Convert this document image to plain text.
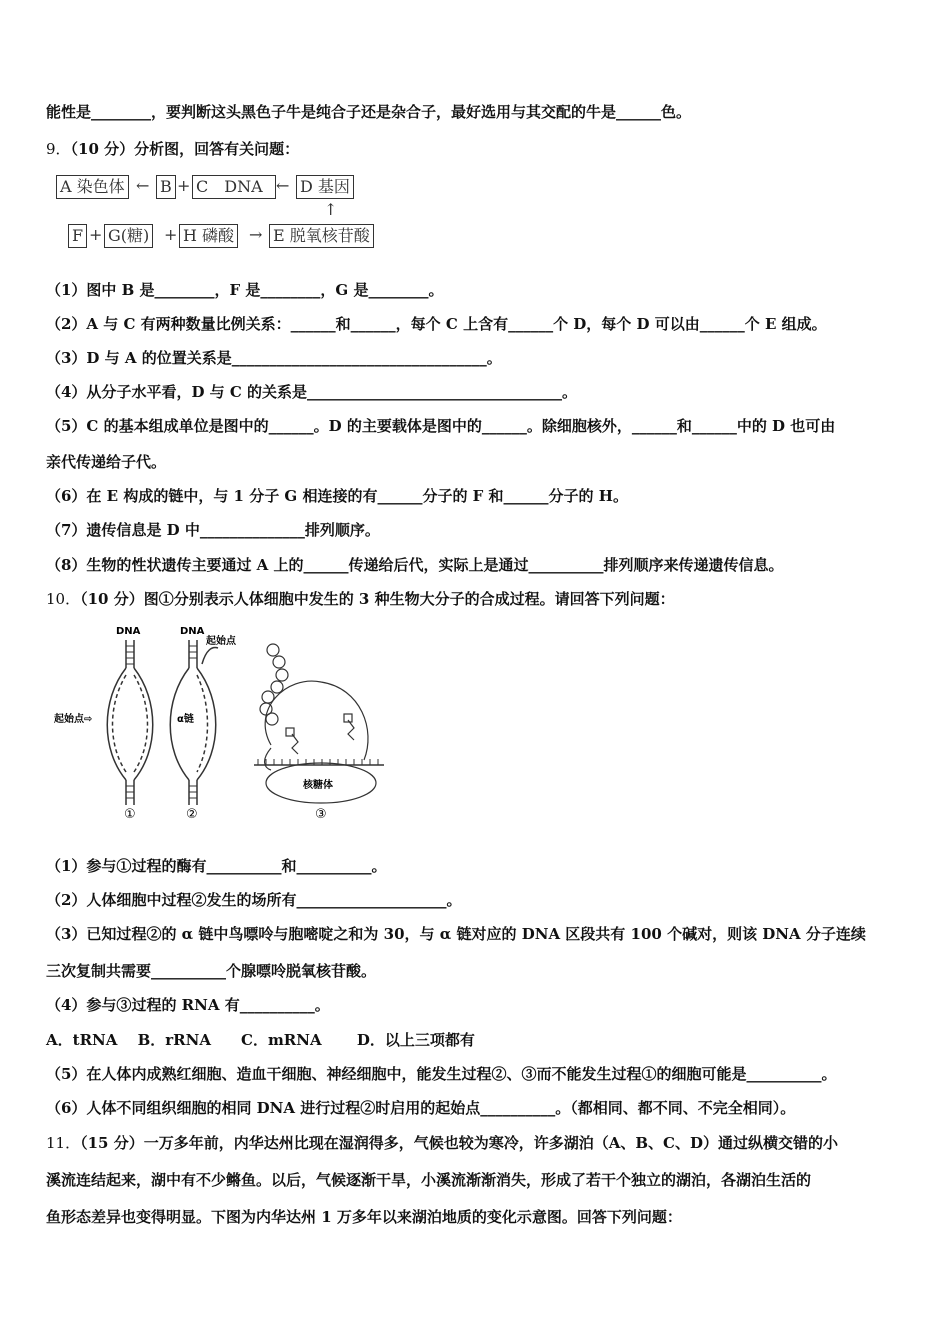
能性是________，要判断这头黑色子牛是纯合子还是杂合子，最好选用与其交配的牛是______色。
9．（10 分）分析图，回答有关问题：
A 染色体 ← B + C　DNA ← D 基因
↑
F + G(糖) + H 磷酸 → E 脱氧核苷酸
（1）图中 B 是________，F 是________，G 是________。
（2）A 与 C 有两种数量比例关系：______和______，每个 C 上含有______个 D，每个 D 可以由______个 E 组成。
（3）D 与 A 的位置关系是__________________________________。
（4）从分子水平看，D 与 C 的关系是__________________________________。
（5）C 的基本组成单位是图中的______。D 的主要载体是图中的______。除细胞核外，______和______中的 D 也可由
亲代传递给子代。
（6）在 E 构成的链中，与 1 分子 G 相连接的有______分子的 F 和______分子的 H。
（7）遗传信息是 D 中______________排列顺序。
（8）生物的性状遗传主要通过 A 上的______传递给后代，实际上是通过__________排列顺序来传递遗传信息。
10．（10 分）图①分别表示人体细胞中发生的 3 种生物大分子的合成过程。请回答下列问题：
DNA
起始点⇨
①
DNA
起始点
α链
②
核糖体
③
（1）参与①过程的酶有__________和__________。
（2）人体细胞中过程②发生的场所有____________________。
（3）已知过程②的 α 链中鸟嘌呤与胞嘧啶之和为 30，与 α 链对应的 DNA 区段共有 100 个碱对，则该 DNA 分子连续
三次复制共需要__________个腺嘌呤脱氧核苷酸。
（4）参与③过程的 RNA 有__________。
A．tRNA　 B．rRNA　　C．mRNA　　 D．以上三项都有
（5）在人体内成熟红细胞、造血干细胞、神经细胞中，能发生过程②、③而不能发生过程①的细胞可能是__________。
（6）人体不同组织细胞的相同 DNA 进行过程②时启用的起始点__________。（都相同、都不同、不完全相同）。
11．（15 分）一万多年前，内华达州比现在湿润得多，气候也较为寒冷，许多湖泊（A、B、C、D）通过纵横交错的小
溪流连结起来，湖中有不少鳉鱼。以后，气候逐渐干旱，小溪流渐渐消失，形成了若干个独立的湖泊，各湖泊生活的
鱼形态差异也变得明显。下图为内华达州 1 万多年以来湖泊地质的变化示意图。回答下列问题：
